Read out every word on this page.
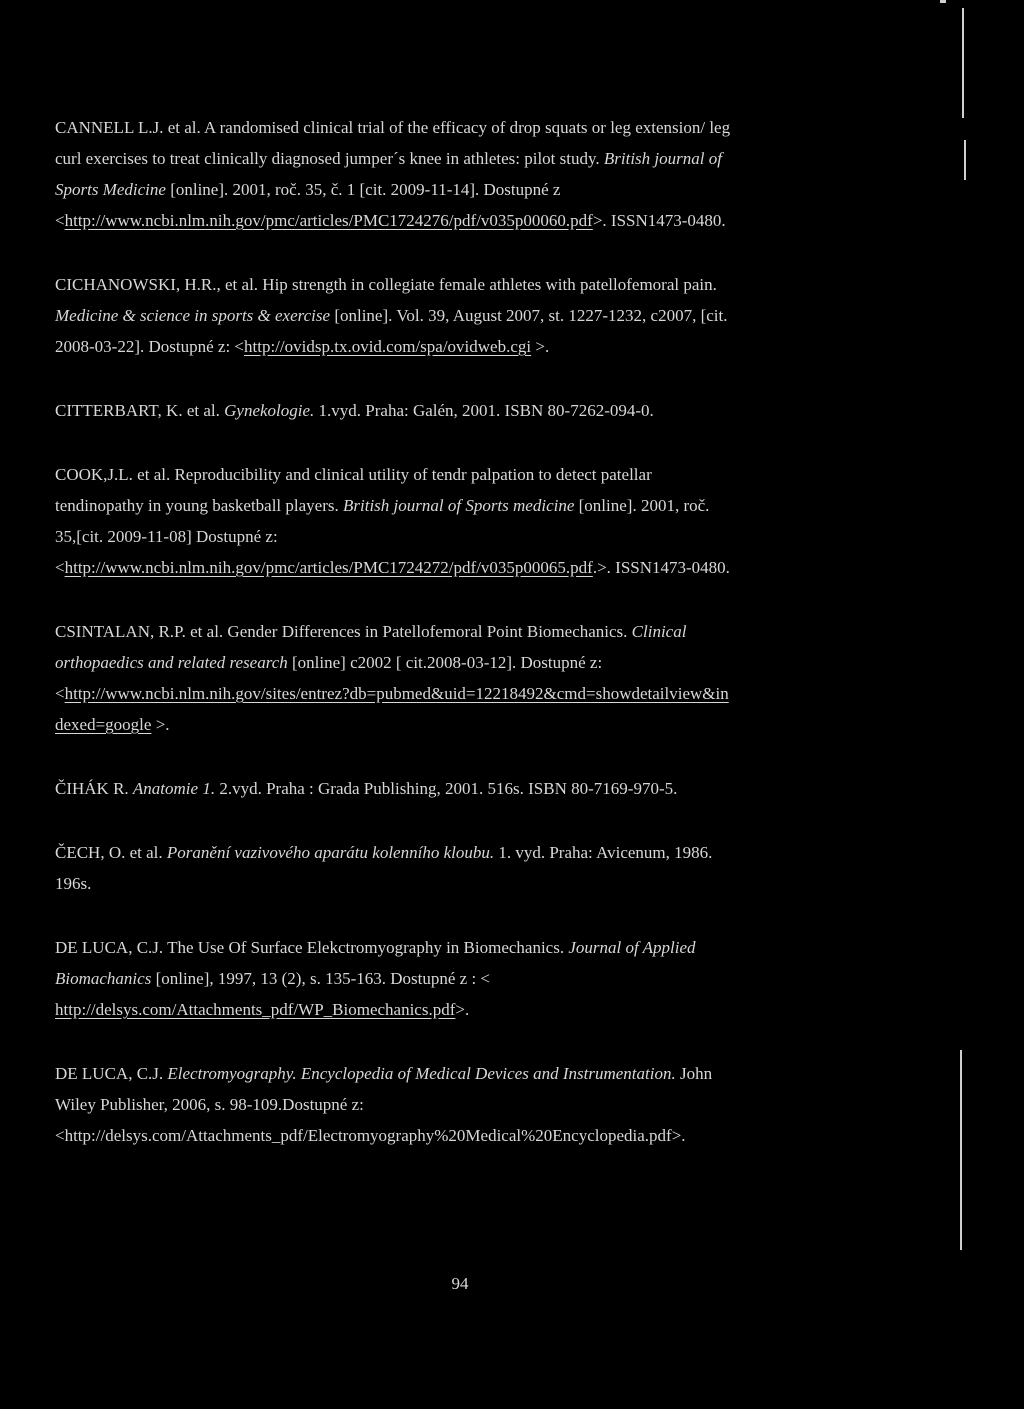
CANNELL L.J. et al. A randomised clinical trial of the efficacy of drop squats or leg extension/ leg
curl exercises to treat clinically diagnosed jumper´s knee in athletes: pilot study. British journal of
Sports Medicine [online]. 2001, roč. 35, č. 1 [cit. 2009-11-14]. Dostupné z
<http://www.ncbi.nlm.nih.gov/pmc/articles/PMC1724276/pdf/v035p00060.pdf>. ISSN1473-0480.
CICHANOWSKI, H.R., et al. Hip strength in collegiate female athletes with patellofemoral pain.
Medicine & science in sports & exercise [online]. Vol. 39, August 2007, st. 1227-1232, c2007, [cit.
2008-03-22]. Dostupné z: <http://ovidsp.tx.ovid.com/spa/ovidweb.cgi >.
CITTERBART, K. et al. Gynekologie. 1.vyd. Praha: Galén, 2001. ISBN 80-7262-094-0.
COOK,J.L. et al. Reproducibility and clinical utility of tendr palpation to detect patellar
tendinopathy in young basketball players. British journal of Sports medicine [online]. 2001, roč.
35,[cit. 2009-11-08] Dostupné z:
<http://www.ncbi.nlm.nih.gov/pmc/articles/PMC1724272/pdf/v035p00065.pdf.>. ISSN1473-0480.
CSINTALAN, R.P. et al. Gender Differences in Patellofemoral Point Biomechanics. Clinical
orthopaedics and related research [online] c2002 [ cit.2008-03-12]. Dostupné z:
<http://www.ncbi.nlm.nih.gov/sites/entrez?db=pubmed&uid=12218492&cmd=showdetailview&in
dexed=google >.
ČIHÁK R. Anatomie 1. 2.vyd. Praha : Grada Publishing, 2001. 516s. ISBN 80-7169-970-5.
ČECH, O. et al. Poranění vazivového aparátu kolenního kloubu. 1. vyd. Praha: Avicenum, 1986.
196s.
DE LUCA, C.J. The Use Of Surface Elekctromyography in Biomechanics. Journal of Applied
Biomachanics [online], 1997, 13 (2), s. 135-163. Dostupné z : <
http://delsys.com/Attachments_pdf/WP_Biomechanics.pdf>.
DE LUCA, C.J. Electromyography. Encyclopedia of Medical Devices and Instrumentation. John
Wiley Publisher, 2006, s. 98-109.Dostupné z:
<http://delsys.com/Attachments_pdf/Electromyography%20Medical%20Encyclopedia.pdf>.
94
